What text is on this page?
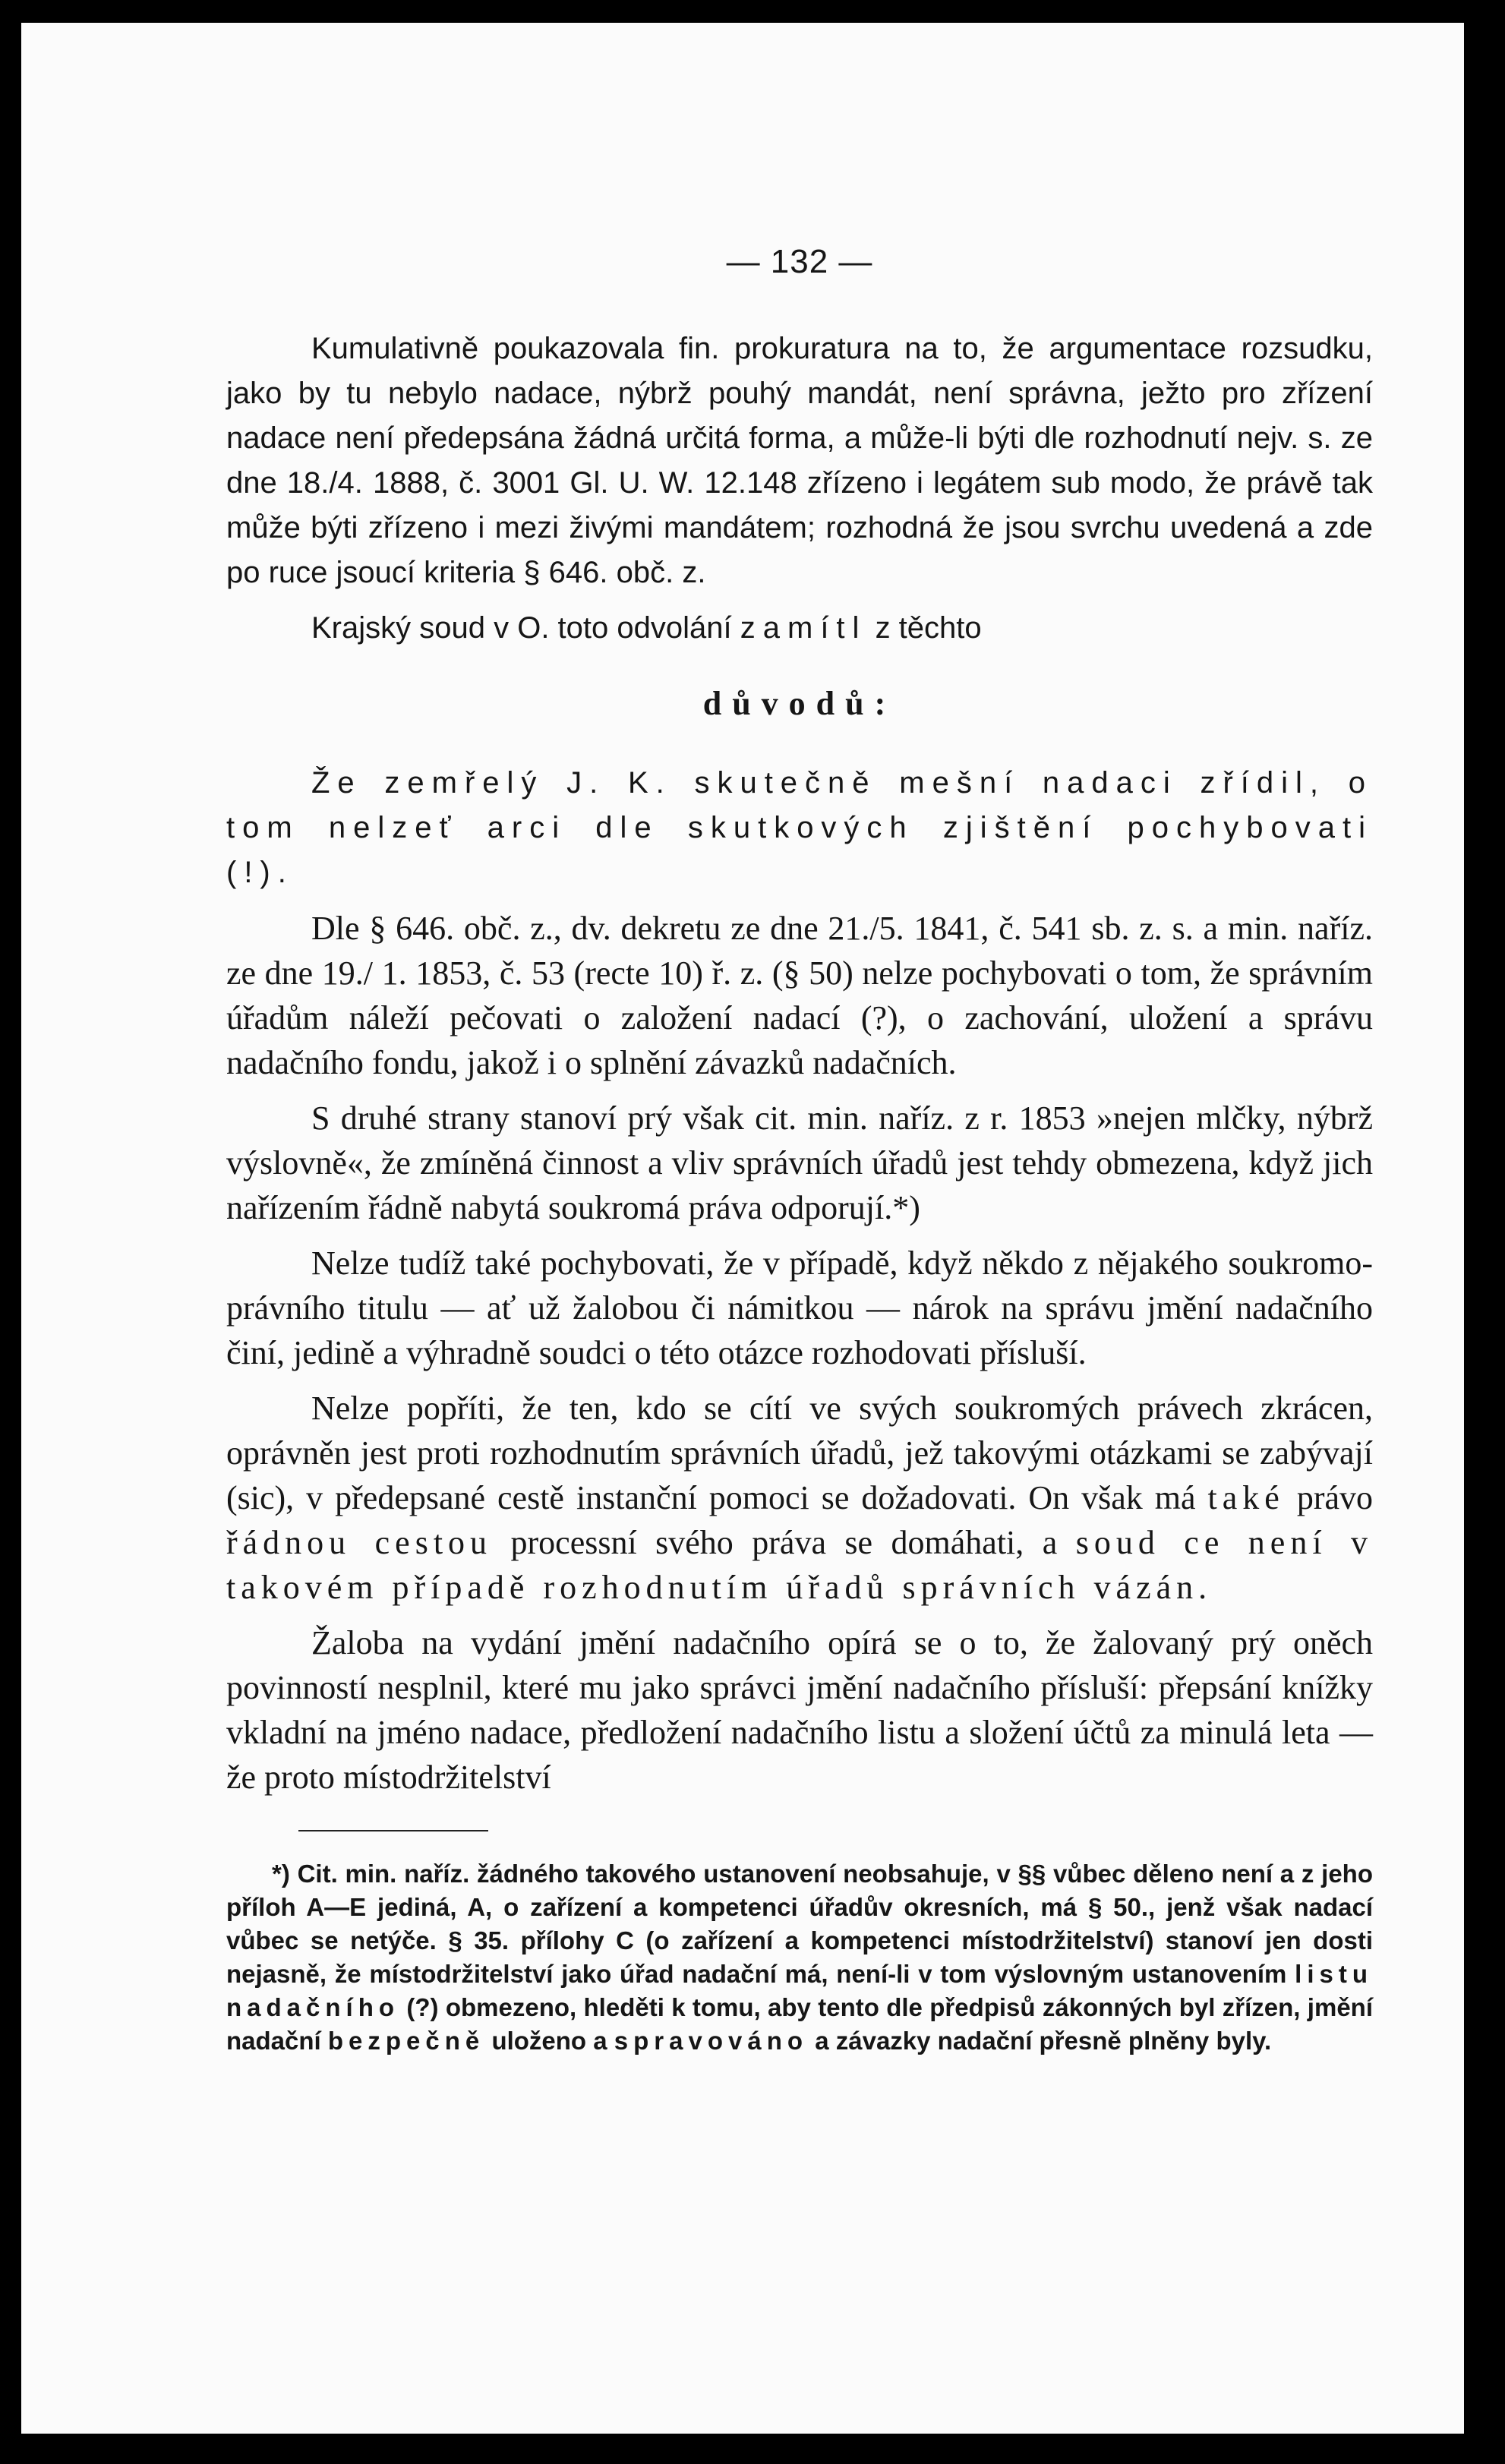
— 132 —

Kumulativně poukazovala fin. prokuratura na to, že argumentace rozsudku, jako by tu nebylo nadace, nýbrž pouhý mandát, není správna, ježto pro zřízení nadace není předepsána žádná určitá forma, a může-li býti dle rozhodnutí nejv. s. ze dne 18./4. 1888, č. 3001 Gl. U. W. 12.148 zřízeno i legátem sub modo, že právě tak může býti zřízeno i mezi živými mandátem; rozhodná že jsou svrchu uvedená a zde po ruce jsoucí kriteria § 646. obč. z.

Krajský soud v O. toto odvolání zamítl z těchto

důvodů:

Že zemřelý J. K. skutečně mešní nadaci zřídil, o tom nelzeť arci dle skutkových zjištění pochybovati (!).

Dle § 646. obč. z., dv. dekretu ze dne 21./5. 1841, č. 541 sb. z. s. a min. naříz. ze dne 19./ 1. 1853, č. 53 (recte 10) ř. z. (§ 50) nelze pochybovati o tom, že správním úřadům náleží pečovati o založení nadací (?), o zachování, uložení a správu nadačního fondu, jakož i o splnění závazků nadačních.

S druhé strany stanoví prý však cit. min. naříz. z r. 1853 »nejen mlčky, nýbrž výslovně«, že zmíněná činnost a vliv správních úřadů jest tehdy obmezena, když jich nařízením řádně nabytá soukromá práva odporují.*)

Nelze tudíž také pochybovati, že v případě, když někdo z nějakého soukromo-právního titulu — ať už žalobou či námitkou — nárok na správu jmění nadačního činí, jedině a výhradně soudci o této otázce rozhodovati přísluší.

Nelze popříti, že ten, kdo se cítí ve svých soukromých právech zkrácen, oprávněn jest proti rozhodnutím správních úřadů, jež takovými otázkami se zabývají (sic), v předepsané cestě instanční pomoci se dožadovati. On však má také právo řádnou cestou processní svého práva se domáhati, a soud ce není v takovém případě rozhodnutím úřadů správních vázán.

Žaloba na vydání jmění nadačního opírá se o to, že žalovaný prý oněch povinností nesplnil, které mu jako správci jmění nadačního přísluší: přepsání knížky vkladní na jméno nadace, předložení nadačního listu a složení účtů za minulá leta — že proto místodržitelství

*) Cit. min. naříz. žádného takového ustanovení neobsahuje, v §§ vůbec děleno není a z jeho příloh A—E jediná, A, o zařízení a kompetenci úřadův okresních, má § 50., jenž však nadací vůbec se netýče. § 35. přílohy C (o zařízení a kompetenci místodržitelství) stanoví jen dosti nejasně, že místodržitelství jako úřad nadační má, není-li v tom výslovným ustanovením listu nadačního (?) obmezeno, hleděti k tomu, aby tento dle předpisů zákonných byl zřízen, jmění nadační bezpečně uloženo a spravováno a závazky nadační přesně plněny byly.
